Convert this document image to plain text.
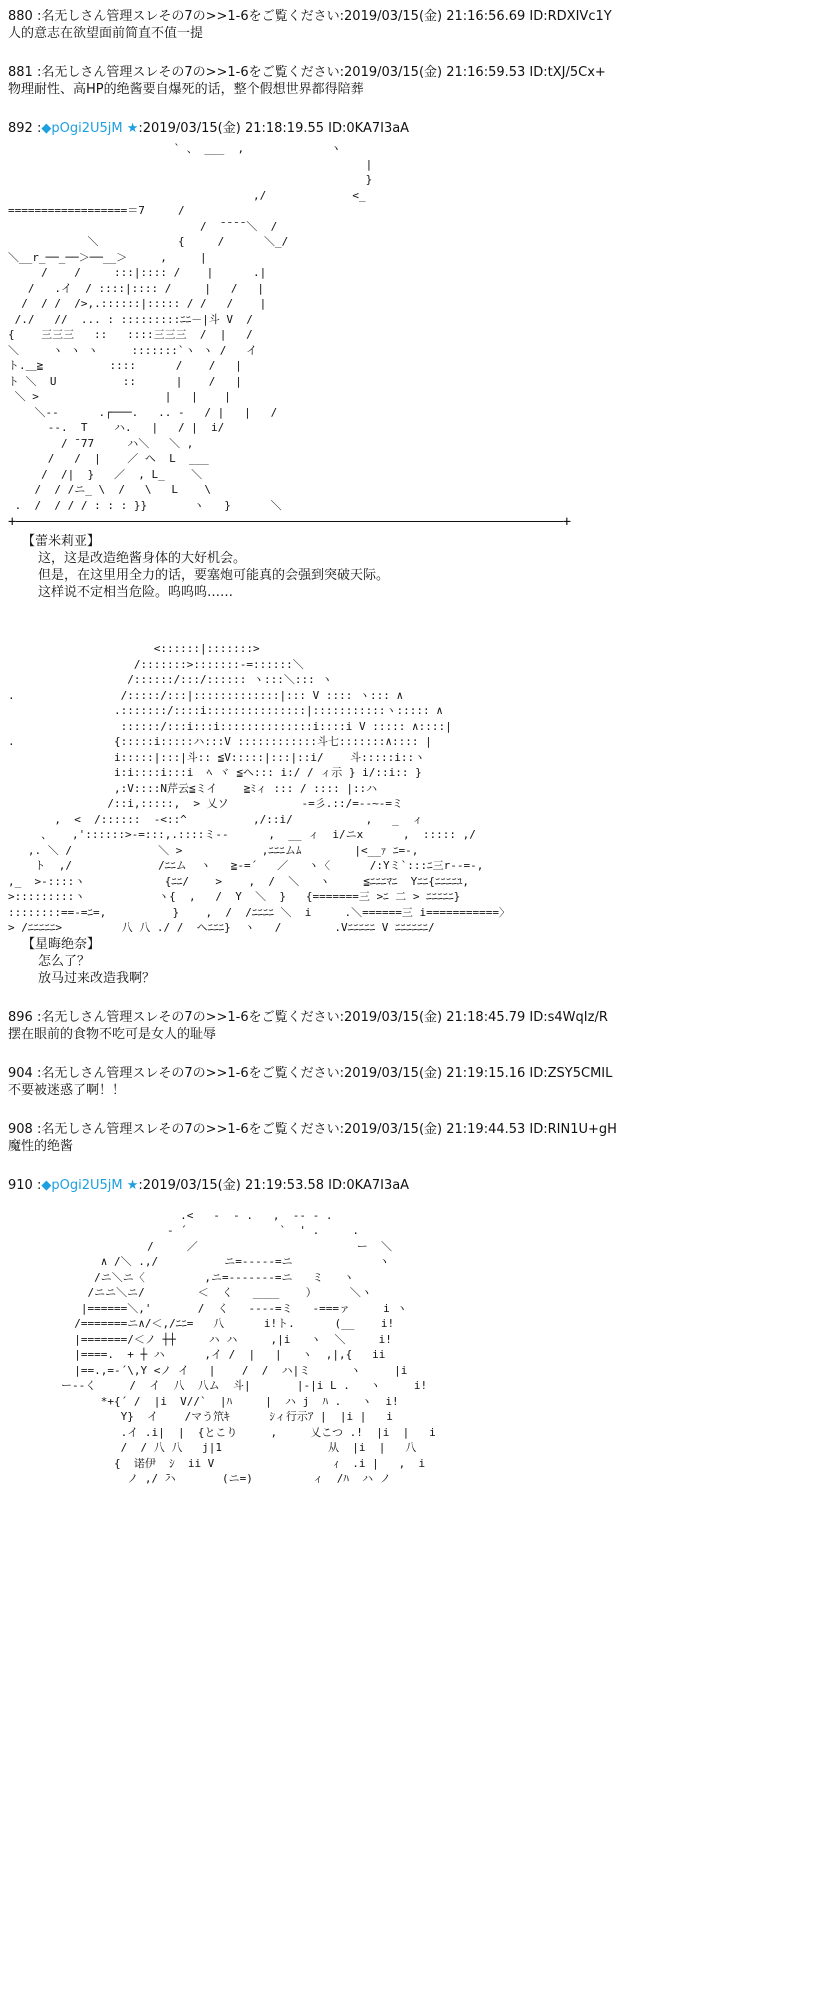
880 :名无しさん管理スレその7の>>1-6をご覧ください:2019/03/15(金) 21:16:56.69 ID:RDXIVc1Y
人的意志在欲望面前简直不值一提
881 :名无しさん管理スレその7の>>1-6をご覧ください:2019/03/15(金) 21:16:59.53 ID:tXJ/5Cx+
物理耐性、高HP的绝酱要自爆死的话，整个假想世界都得陪葬
892 :◆pOgi2U5jM ★:2019/03/15(金) 21:18:19.55 ID:0KA7I3aA
` 、 ___  ,             ヽ
|
}
,/             <_
==================＝7     /
/  ̄ ̄ ̄ ̄ ＼  /
＼            {     /      ＼_/
＼__r_──_──＞──__＞     ,     |
/    /     :::|:::: /    |      .|
/   .イ  / ::::|:::: /     |   /   |
/  / /  />,.::::::|::::: / /   /    |
/./   //  ... : :::::::::ﾆﾆ－|斗 V  /
{    三三三   ::   ::::三三三  /  |   /
＼     ヽ ヽ ヽ     :::::::`ヽ ヽ /   イ
ト.＿≧          ::::      /    /   |
ト ＼  U          ::      |    /   |
＼ >                   |   |    |
＼--      .┌───.   .. -   / |   |   /
--.  T    ハ.   |   / |  i/
/ ̄ 77     ハ＼   ＼ ,
/   /  |    ／ ヘ  L  ___
/  /|  }   ／  , L_    ＼
/  / /ニ_ \  /   \   L    \
.  /  / / / : : : }}       ヽ   }      ＼
+	+
【蕾米莉亚】
这，这是改造绝酱身体的大好机会。
但是，在这里用全力的话，要塞炮可能真的会强到突破天际。
这样说不定相当危险。呜呜呜……
<::::::|:::::::>
/:::::::>:::::::-=::::::＼
/::::::/:::/:::::: ヽ:::＼::: ヽ
.                /:::::/:::|:::::::::::::|::: V :::: ヽ::: ∧
.:::::::/::::i:::::::::::::::|:::::::::::ヽ::::: ∧
::::::/:::i:::i::::::::::::::i::::i V ::::: ∧::::|
.               {:::::i:::::ハ:::V ::::::::::::斗七:::::::∧:::: |
i:::::|:::|斗:: ≦V:::::|:::|::i/    斗:::::i::ヽ
i:i::::i:::i  ﾍ ヾ ≦ヘ::: i:/ / ィ示 } i/::i:: }
,:V::::N芹云≦ミイ    ≧ﾐィ ::: / :::: |::ハ
/::i,:::::,  > 乂ソ           -=彡.::/=--~-=ミ
,  <  /::::::  -<::^          ,/::i/           ,   _  ィ
、   ,'::::::>-=:::,.::::ミ--      ,  __ ィ  i/ニx      ,  ::::: ,/
,. ＼ /             ＼ >            ,ﾆﾆﾆムﾑ        |<__ｧ ﾆ=-,
ト  ,/             /ﾆﾆム  ヽ   ≧-=´   ／   ヽ〈      /:Yミ`:::ﾆ三r--=-,
,_  >-::::ヽ            {ﾆﾆ/    >    ,  /  ＼   ヽ     ≦ﾆﾆﾆﾏﾆ  Yﾆﾆ{ﾆﾆﾆﾆﾕ,
>:::::::::ヽ           ヽ{  ,   /  Y  ＼  }   {=======三 >ﾆ 二 > ﾆﾆﾆﾆﾆ}
::::::::==-=ﾆ=,          }    ,  /  /ﾆﾆﾆﾆ ＼  i     .＼======三 i===========〉
> /ﾆﾆﾆﾆﾆ>         八 八 ./ /  ヘﾆﾆﾆ}  ヽ   /        .Vﾆﾆﾆﾆﾆ V ﾆﾆﾆﾆﾆﾆ/
【星晦绝奈】
怎么了？
放马过来改造我啊？
896 :名无しさん管理スレその7の>>1-6をご覧ください:2019/03/15(金) 21:18:45.79 ID:s4WqIz/R
摆在眼前的食物不吃可是女人的耻辱
904 :名无しさん管理スレその7の>>1-6をご覧ください:2019/03/15(金) 21:19:15.16 ID:ZSY5CMIL
不要被迷惑了啊！！
908 :名无しさん管理スレその7の>>1-6をご覧ください:2019/03/15(金) 21:19:44.53 ID:RIN1U+gH
魔性的绝酱
910 :◆pOgi2U5jM ★:2019/03/15(金) 21:19:53.58 ID:0KA7I3aA
.<   -  - .   ,  -- - .
- ´              `  ' .     .
/     ／                        ー  ＼
∧ /＼ .,/          ニ=-----=ニ             ヽ
/ニ＼ニ〈         ,ニ=-------=ニ   ミ   ヽ
/ニニ＼ニ/        ＜  く   ____    ）     ＼ヽ
|======＼,'       /  く   ----=ミ   -===ァ     i ヽ
/=======ニ∧/＜,/ﾆﾆ=   八      i!ト.      (__    i!
|=======/＜ノ ┼┼     ハ ハ     ,|i   ヽ  ＼     i!
|====.  + ┼ ハ      ,イ /  |   |   ヽ  ,|,{   ii
|==.,=-´\,Y <ノ イ   |    /  /  ハ|ミ      ヽ     |i
ー--く     /  イ  八  八ム  斗|       |-|i L .   ヽ     i!
*+{´ /  |i  V//`  |ﾊ     |  ハ j  ﾊ .   ヽ  i!
Y}  イ    /マう笊ｷ      ｼィ行示ｱ |  |i |   i
.イ .i|  |  {とこり     ,     乂こつ .!  |i  |   i
/  / 八 八   j|1                从  |i  |   八
{  诺伊  ｼ  ii V                  ｨ  .i |   ,  i
ノ ,/ ̄ハ       (ニ=)         ィ  /ﾊ  ハ ノ
